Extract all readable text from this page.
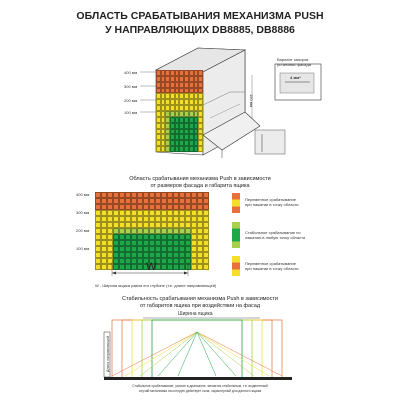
ОБЛАСТЬ СРАБАТЫВАНИЯ МЕХАНИЗМА PUSH
У НАПРАВЛЯЮЩИХ DB8885, DB8886
400 мм
300 мм
200 мм
100 мм
150 мм
Вариант зазоров
установки фасада
4 мм*
Область срабатывания механизма Push в зависимости
от размеров фасада и габарита ящика
400 мм
300 мм
200 мм
100 мм
W
W - Ширина ящика равна его глубине (т.е. длине направляющей)
Переменное срабатывание
при нажатии в точку области
Стабильное срабатывание по
нажатию в любую точку области
Переменное срабатывание
при нажатии в точку области
Стабильность срабатывания механизма Push в зависимости
от габаритов ящика при воздействии на фасад
Ширина ящика
Длина направляющей
Стабильное срабатывание, усилие в диапазоне, является стабильным, т.е. выделенный
случай механизма на которую действует сила, характерный для данного ящика
